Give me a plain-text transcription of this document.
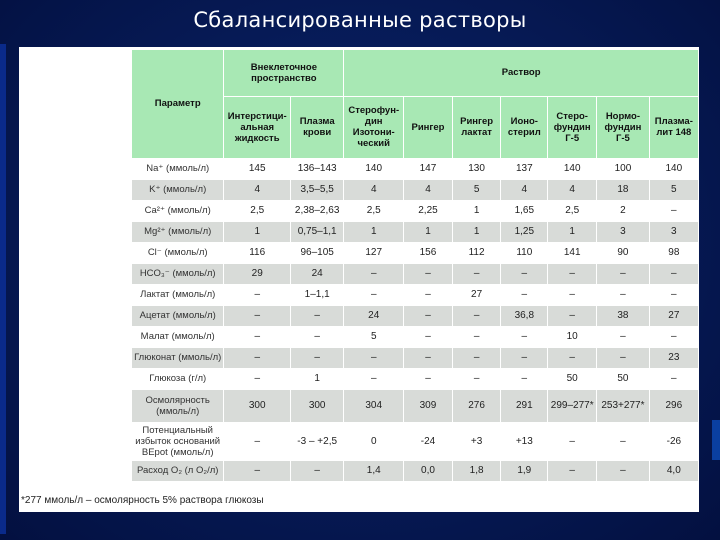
Сбалансированные растворы
Параметр	Внеклеточное пространство		Раствор						
	Интерстици- альная жидкость	Плазма крови	Стерофун- дин Изотони- ческий	Рингер	Рингер лактат	Ионо- стерил	Стеро- фундин Г-5	Нормо- фундин Г-5	Плазма- лит 148
Na⁺ (ммоль/л)	145	136–143	140	147	130	137	140	100	140
K⁺ (ммоль/л)	4	3,5–5,5	4	4	5	4	4	18	5
Ca²⁺ (ммоль/л)	2,5	2,38–2,63	2,5	2,25	1	1,65	2,5	2	–
Mg²⁺ (ммоль/л)	1	0,75–1,1	1	1	1	1,25	1	3	3
Cl⁻ (ммоль/л)	116	96–105	127	156	112	110	141	90	98
HCO₃⁻ (ммоль/л)	29	24	–	–	–	–	–	–	–
Лактат (ммоль/л)	–	1–1,1	–	–	27	–	–	–	–
Ацетат (ммоль/л)	–	–	24	–	–	36,8	–	38	27
Малат (ммоль/л)	–	–	5	–	–	–	10	–	–
Глюконат (ммоль/л)	–	–	–	–	–	–	–	–	23
Глюкоза (г/л)	–	1	–	–	–	–	50	50	–
Осмолярность (ммоль/л)	300	300	304	309	276	291	299–277*	253+277*	296
Потенциальный избыток оснований BEpot (ммоль/л)	–	-3 – +2,5	0	-24	+3	+13	–	–	-26
Расход O₂ (л O₂/л)	–	–	1,4	0,0	1,8	1,9	–	–	4,0
*277 ммоль/л – осмолярность 5% раствора глюкозы
